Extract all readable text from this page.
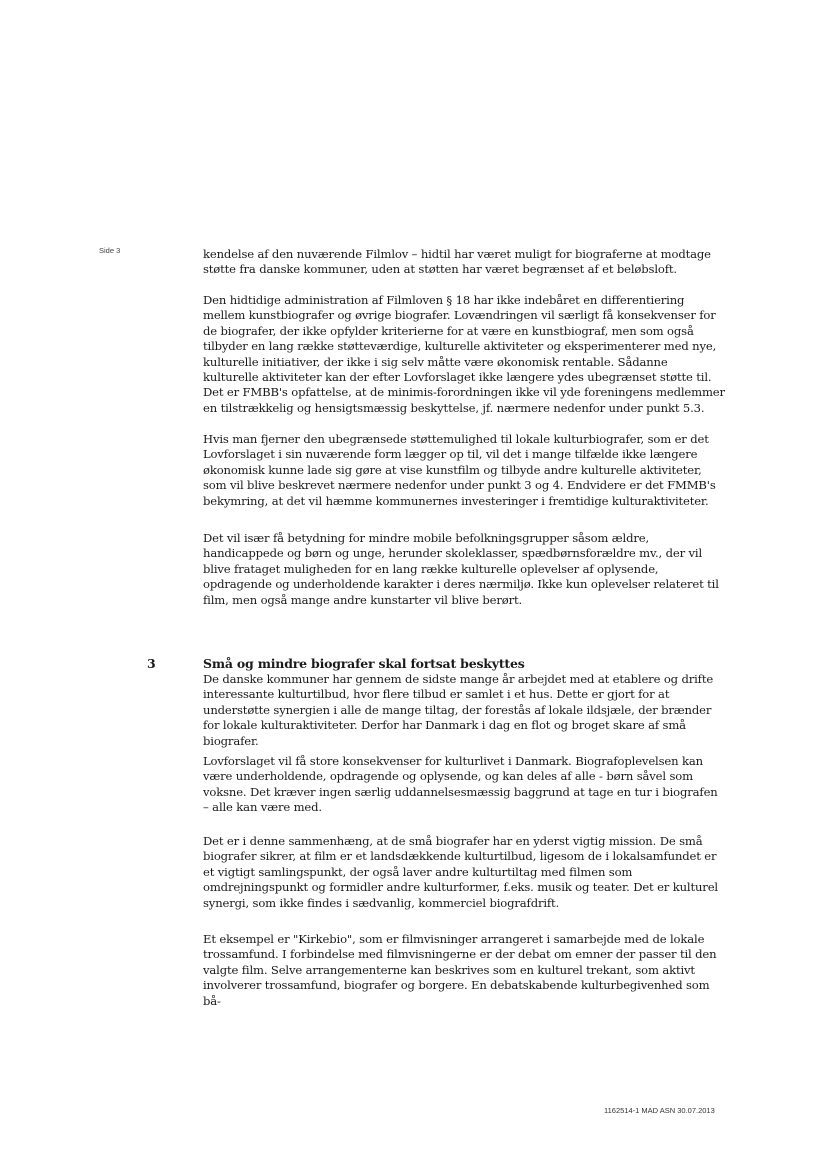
Side 3	kendelse af den nuværende Filmlov – hidtil har været muligt for biograferne at modtage støtte fra danske kommuner, uden at støtten har været begrænset af et beløbsloft.

Den hidtidige administration af Filmloven § 18 har ikke indebåret en differentiering mellem kunstbiografer og øvrige biografer. Lovændringen vil særligt få konsekvenser for de biografer, der ikke opfylder kriterierne for at være en kunstbiograf, men som også tilbyder en lang række støtteværdige, kulturelle aktiviteter og eksperimenterer med nye, kulturelle initiativer, der ikke i sig selv måtte være økonomisk rentable. Sådanne kulturelle aktiviteter kan der efter Lovforslaget ikke længere ydes ubegrænset støtte til. Det er FMBB's opfattelse, at de minimis-forordningen ikke vil yde foreningens medlemmer en tilstrækkelig og hensigtsmæssig beskyttelse, jf. nærmere nedenfor under punkt 5.3.

Hvis man fjerner den ubegrænsede støttemulighed til lokale kulturbiografer, som er det Lovforslaget i sin nuværende form lægger op til, vil det i mange tilfælde ikke længere økonomisk kunne lade sig gøre at vise kunstfilm og tilbyde andre kulturelle aktiviteter, som vil blive beskrevet nærmere nedenfor under punkt 3 og 4. Endvidere er det FMMB's bekymring, at det vil hæmme kommunernes investeringer i fremtidige kulturaktiviteter.

Det vil især få betydning for mindre mobile befolkningsgrupper såsom ældre, handicappede og børn og unge, herunder skoleklasser, spædbørnsforældre mv., der vil blive frataget muligheden for en lang række kulturelle oplevelser af oplysende, opdragende og underholdende karakter i deres nærmiljø. Ikke kun oplevelser relateret til film, men også mange andre kunstarter vil blive berørt.

3	Små og mindre biografer skal fortsat beskyttes

De danske kommuner har gennem de sidste mange år arbejdet med at etablere og drifte interessante kulturtilbud, hvor flere tilbud er samlet i et hus. Dette er gjort for at understøtte synergien i alle de mange tiltag, der forestås af lokale ildsjæle, der brænder for lokale kulturaktiviteter. Derfor har Danmark i dag en flot og broget skare af små biografer.

Lovforslaget vil få store konsekvenser for kulturlivet i Danmark. Biografoplevelsen kan være underholdende, opdragende og oplysende, og kan deles af alle - børn såvel som voksne. Det kræver ingen særlig uddannelsesmæssig baggrund at tage en tur i biografen – alle kan være med.

Det er i denne sammenhæng, at de små biografer har en yderst vigtig mission. De små biografer sikrer, at film er et landsdækkende kulturtilbud, ligesom de i lokalsamfundet er et vigtigt samlingspunkt, der også laver andre kulturtiltag med filmen som omdrejningspunkt og formidler andre kulturformer, f.eks. musik og teater. Det er kulturel synergi, som ikke findes i sædvanlig, kommerciel biografdrift.

Et eksempel er "Kirkebio", som er filmvisninger arrangeret i samarbejde med de lokale trossamfund. I forbindelse med filmvisningerne er der debat om emner der passer til den valgte film. Selve arrangementerne kan beskrives som en kulturel trekant, som aktivt involverer trossamfund, biografer og borgere. En debatskabende kulturbegivenhed som bå-

1162514-1 MAD ASN 30.07.2013
